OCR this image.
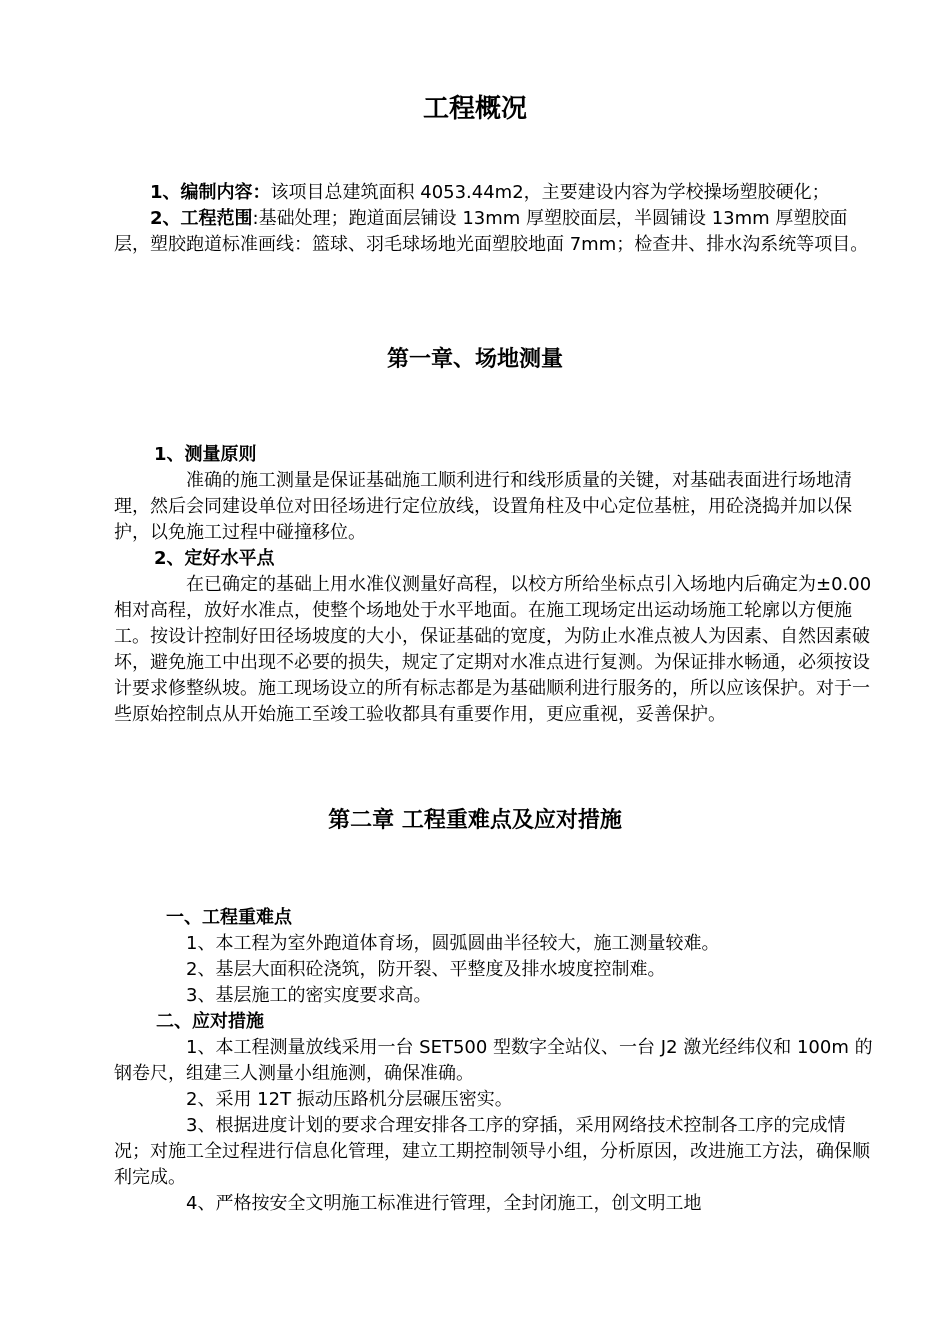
工程概况

1、编制内容：该项目总建筑面积 4053.44m2，主要建设内容为学校操场塑胶硬化；

2、工程范围:基础处理；跑道面层铺设 13mm 厚塑胶面层，半圆铺设 13mm 厚塑胶面层，塑胶跑道标准画线：篮球、羽毛球场地光面塑胶地面 7mm；检查井、排水沟系统等项目。

第一章、场地测量

1、测量原则

准确的施工测量是保证基础施工顺利进行和线形质量的关键，对基础表面进行场地清理，然后会同建设单位对田径场进行定位放线，设置角柱及中心定位基桩，用砼浇捣并加以保护，以免施工过程中碰撞移位。

2、定好水平点

在已确定的基础上用水准仪测量好高程，以校方所给坐标点引入场地内后确定为±0.00 相对高程，放好水准点，使整个场地处于水平地面。在施工现场定出运动场施工轮廓以方便施工。按设计控制好田径场坡度的大小，保证基础的宽度，为防止水准点被人为因素、自然因素破坏，避免施工中出现不必要的损失，规定了定期对水准点进行复测。为保证排水畅通，必须按设计要求修整纵坡。施工现场设立的所有标志都是为基础顺利进行服务的，所以应该保护。对于一些原始控制点从开始施工至竣工验收都具有重要作用，更应重视，妥善保护。

第二章 工程重难点及应对措施

一、工程重难点

1、本工程为室外跑道体育场，圆弧圆曲半径较大，施工测量较难。

2、基层大面积砼浇筑，防开裂、平整度及排水坡度控制难。

3、基层施工的密实度要求高。

二、应对措施

1、本工程测量放线采用一台 SET500 型数字全站仪、一台 J2 激光经纬仪和 100m 的钢卷尺，组建三人测量小组施测，确保准确。

2、采用 12T 振动压路机分层碾压密实。

3、根据进度计划的要求合理安排各工序的穿插，采用网络技术控制各工序的完成情况；对施工全过程进行信息化管理，建立工期控制领导小组，分析原因，改进施工方法，确保顺利完成。

4、严格按安全文明施工标准进行管理，全封闭施工，创文明工地
